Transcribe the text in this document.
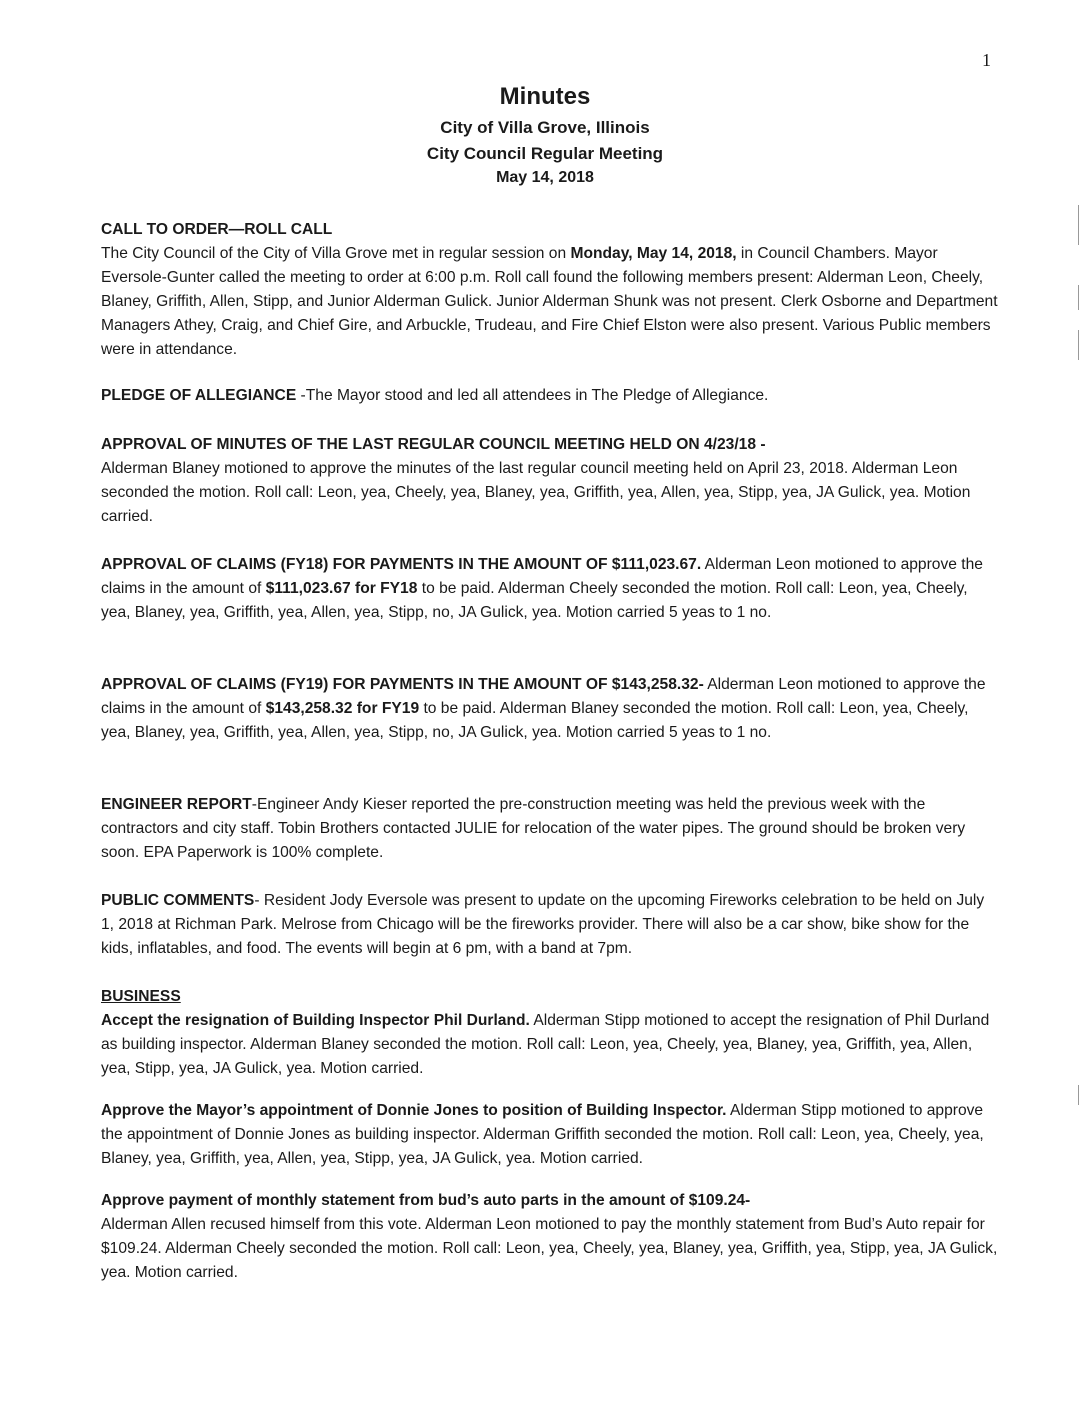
1
Minutes
City of Villa Grove, Illinois
City Council Regular Meeting
May 14, 2018

CALL TO ORDER—ROLL CALL

The City Council of the City of Villa Grove met in regular session on Monday, May 14, 2018, in Council Chambers. Mayor Eversole-Gunter called the meeting to order at 6:00 p.m. Roll call found the following members present: Alderman Leon, Cheely, Blaney, Griffith, Allen, Stipp, and Junior Alderman Gulick. Junior Alderman Shunk was not present. Clerk Osborne and Department Managers Athey, Craig, and Chief Gire, and Arbuckle, Trudeau, and Fire Chief Elston were also present. Various Public members were in attendance.

PLEDGE OF ALLEGIANCE -The Mayor stood and led all attendees in The Pledge of Allegiance.

APPROVAL OF MINUTES OF THE LAST REGULAR COUNCIL MEETING HELD ON 4/23/18 -

Alderman Blaney motioned to approve the minutes of the last regular council meeting held on April 23, 2018. Alderman Leon seconded the motion. Roll call: Leon, yea, Cheely, yea, Blaney, yea, Griffith, yea, Allen, yea, Stipp, yea, JA Gulick, yea. Motion carried.

APPROVAL OF CLAIMS (FY18) FOR PAYMENTS IN THE AMOUNT OF $111,023.67. Alderman Leon motioned to approve the claims in the amount of $111,023.67 for FY18 to be paid. Alderman Cheely seconded the motion. Roll call: Leon, yea, Cheely, yea, Blaney, yea, Griffith, yea, Allen, yea, Stipp, no, JA Gulick, yea. Motion carried 5 yeas to 1 no.

APPROVAL OF CLAIMS (FY19) FOR PAYMENTS IN THE AMOUNT OF $143,258.32- Alderman Leon motioned to approve the claims in the amount of $143,258.32 for FY19 to be paid. Alderman Blaney seconded the motion. Roll call: Leon, yea, Cheely, yea, Blaney, yea, Griffith, yea, Allen, yea, Stipp, no, JA Gulick, yea. Motion carried 5 yeas to 1 no.

ENGINEER REPORT-Engineer Andy Kieser reported the pre-construction meeting was held the previous week with the contractors and city staff. Tobin Brothers contacted JULIE for relocation of the water pipes. The ground should be broken very soon. EPA Paperwork is 100% complete.

PUBLIC COMMENTS- Resident Jody Eversole was present to update on the upcoming Fireworks celebration to be held on July 1, 2018 at Richman Park. Melrose from Chicago will be the fireworks provider. There will also be a car show, bike show for the kids, inflatables, and food. The events will begin at 6 pm, with a band at 7pm.

BUSINESS

Accept the resignation of Building Inspector Phil Durland. Alderman Stipp motioned to accept the resignation of Phil Durland as building inspector. Alderman Blaney seconded the motion. Roll call: Leon, yea, Cheely, yea, Blaney, yea, Griffith, yea, Allen, yea, Stipp, yea, JA Gulick, yea. Motion carried.

Approve the Mayor’s appointment of Donnie Jones to position of Building Inspector. Alderman Stipp motioned to approve the appointment of Donnie Jones as building inspector. Alderman Griffith seconded the motion. Roll call: Leon, yea, Cheely, yea, Blaney, yea, Griffith, yea, Allen, yea, Stipp, yea, JA Gulick, yea. Motion carried.

Approve payment of monthly statement from bud’s auto parts in the amount of $109.24-

Alderman Allen recused himself from this vote. Alderman Leon motioned to pay the monthly statement from Bud’s Auto repair for $109.24. Alderman Cheely seconded the motion. Roll call: Leon, yea, Cheely, yea, Blaney, yea, Griffith, yea, Stipp, yea, JA Gulick, yea. Motion carried.
